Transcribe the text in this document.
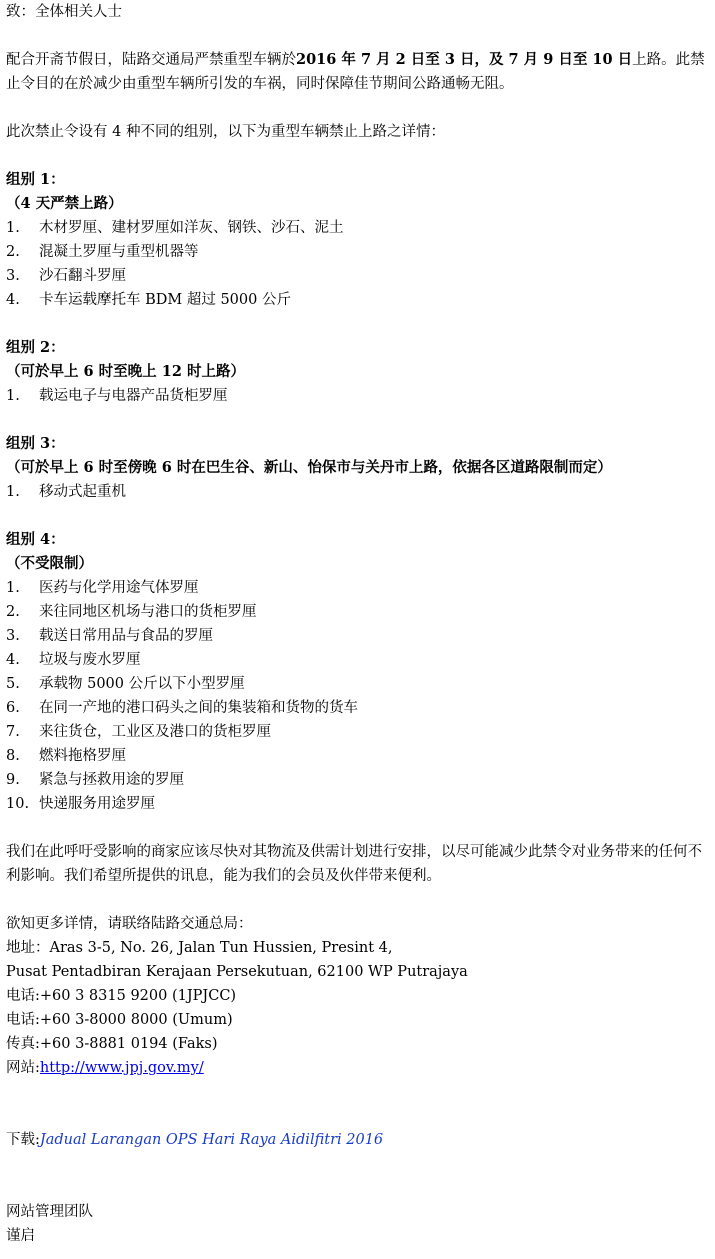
致：全体相关人士

配合开斋节假日，陆路交通局严禁重型车辆於2016 年 7 月 2 日至 3 日，及 7 月 9 日至 10 日上路。此禁止令目的在於减少由重型车辆所引发的车祸，同时保障佳节期间公路通畅无阻。

此次禁止令设有 4 种不同的组别，以下为重型车辆禁止上路之详情：

组别 1：

（4 天严禁上路）

1.	木材罗厘、建材罗厘如洋灰、钢铁、沙石、泥土
2.	混凝土罗厘与重型机器等
3.	沙石翻斗罗厘
4.	卡车运载摩托车 BDM 超过 5000 公斤

组别 2：

（可於早上 6 时至晚上 12 时上路）

1.	载运电子与电器产品货柜罗厘

组别 3：

（可於早上 6 时至傍晚 6 时在巴生谷、新山、怡保市与关丹市上路，依据各区道路限制而定）

1.	移动式起重机

组别 4：

（不受限制）

1.	医药与化学用途气体罗厘
2.	来往同地区机场与港口的货柜罗厘
3.	载送日常用品与食品的罗厘
4.	垃圾与废水罗厘
5.	承载物 5000 公斤以下小型罗厘
6.	在同一产地的港口码头之间的集装箱和货物的货车
7.	来往货仓，工业区及港口的货柜罗厘
8.	燃料拖格罗厘
9.	紧急与拯救用途的罗厘
10. 快递服务用途罗厘

我们在此呼吁受影响的商家应该尽快对其物流及供需计划进行安排，以尽可能减少此禁令对业务带来的任何不利影响。我们希望所提供的讯息，能为我们的会员及伙伴带来便利。

欲知更多详情，请联络陆路交通总局：

地址：Aras 3-5, No. 26, Jalan Tun Hussien, Presint 4,

Pusat Pentadbiran Kerajaan Persekutuan, 62100 WP Putrajaya

电话:+60 3 8315 9200 (1JPJCC)

电话:+60 3-8000 8000 (Umum)

传真:+60 3-8881 0194 (Faks)

网站:http://www.jpj.gov.my/

下载:Jadual Larangan OPS Hari Raya Aidilfitri 2016

网站管理团队

谨启
